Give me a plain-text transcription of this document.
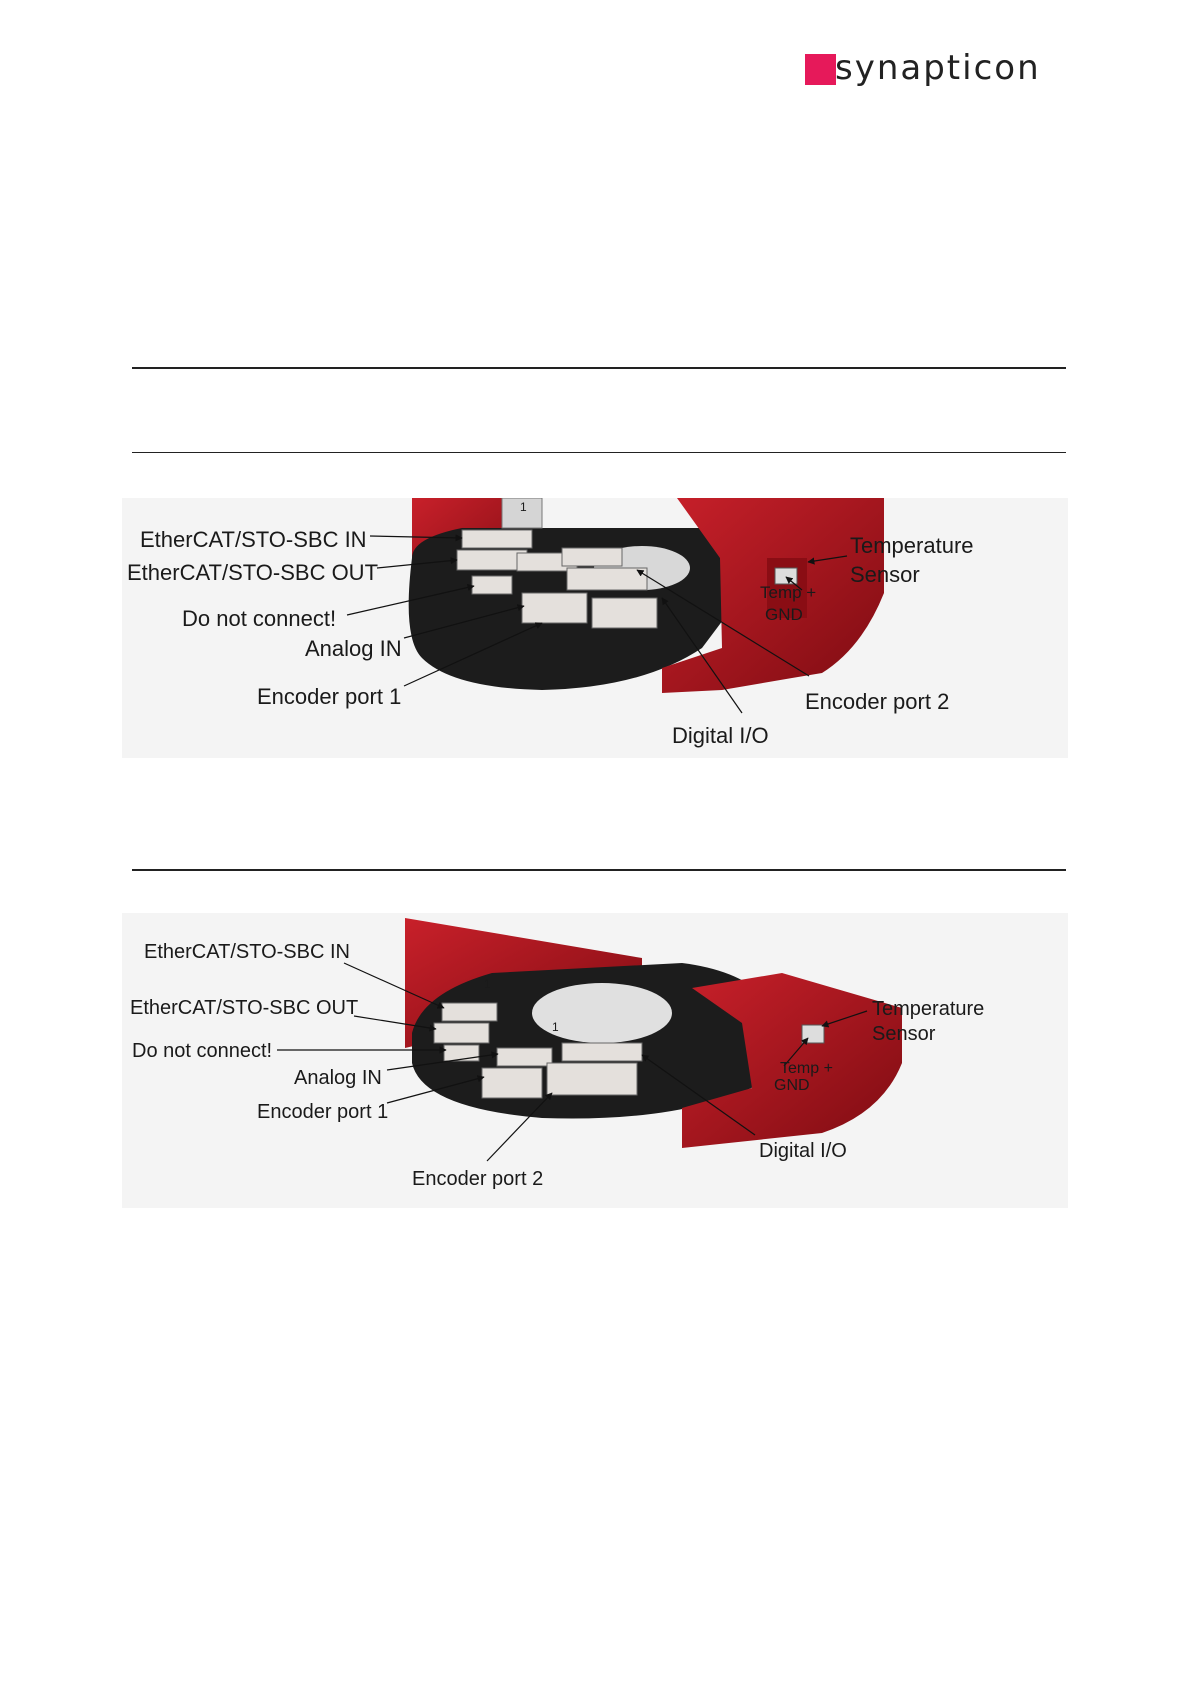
synapticon
1
EtherCAT/STO-SBC IN
EtherCAT/STO-SBC OUT
Do not connect!
Analog IN
Encoder port 1
Temperature
Sensor
Temp +
GND
Encoder port 2
Digital I/O
1
1
EtherCAT/STO-SBC IN
EtherCAT/STO-SBC OUT
Do not connect!
Analog IN
Encoder port 1
Encoder port 2
Temperature
Sensor
Temp +
GND
Digital I/O
